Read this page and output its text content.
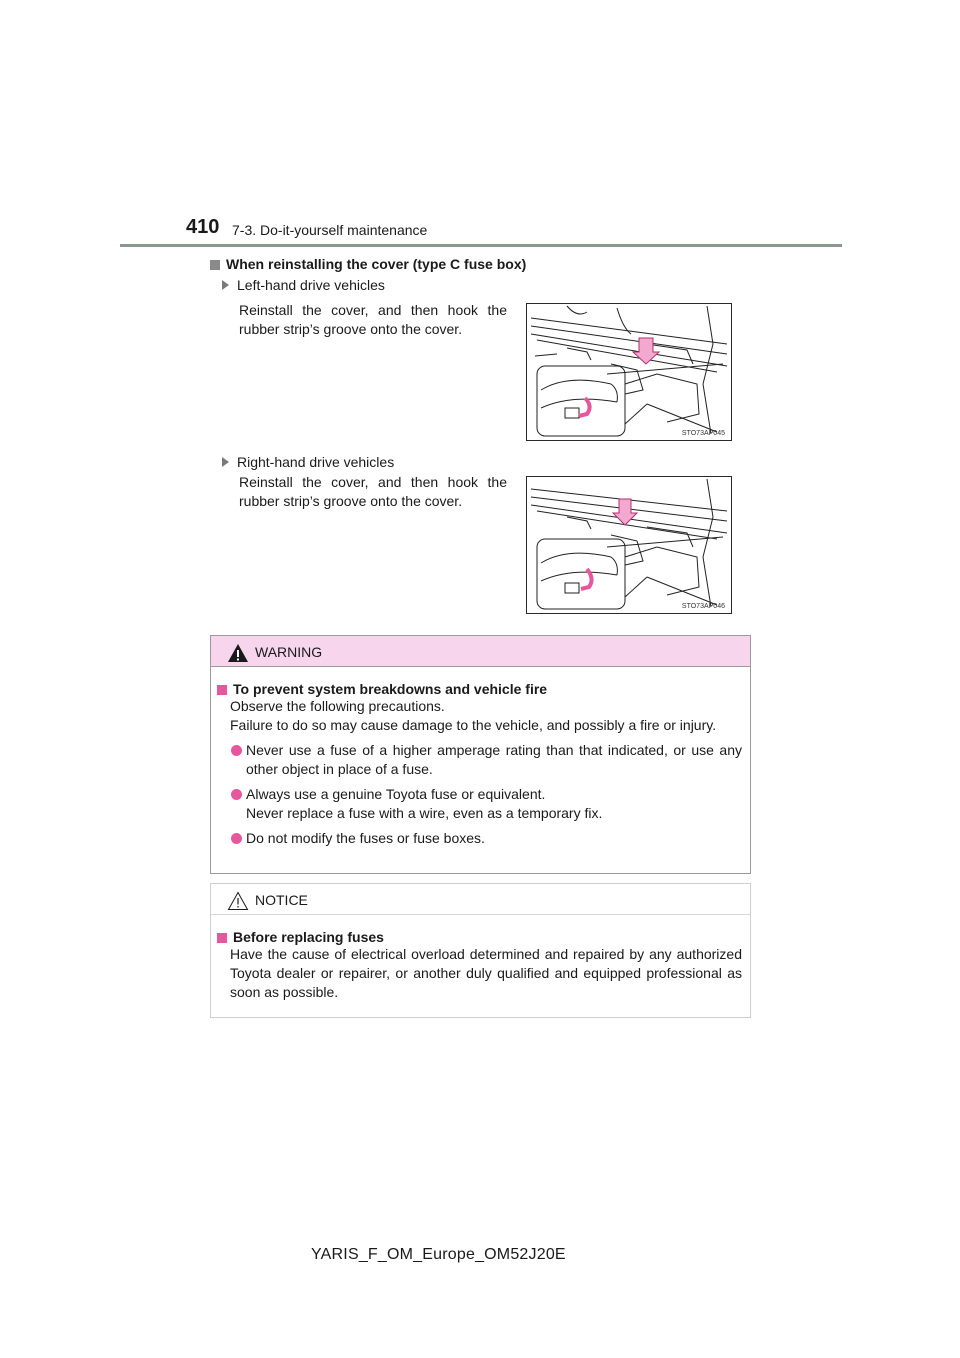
410 7-3. Do-it-yourself maintenance
When reinstalling the cover (type C fuse box)
Left-hand drive vehicles
Reinstall the cover, and then hook the rubber strip’s groove onto the cover.
STO73AP045
Right-hand drive vehicles
Reinstall the cover, and then hook the rubber strip’s groove onto the cover.
STO73AP046
WARNING
To prevent system breakdowns and vehicle fire
Observe the following precautions.
Failure to do so may cause damage to the vehicle, and possibly a fire or injury.
Never use a fuse of a higher amperage rating than that indicated, or use any other object in place of a fuse.
Always use a genuine Toyota fuse or equivalent.
Never replace a fuse with a wire, even as a temporary fix.
Do not modify the fuses or fuse boxes.
NOTICE
Before replacing fuses
Have the cause of electrical overload determined and repaired by any authorized Toyota dealer or repairer, or another duly qualified and equipped professional as soon as possible.
YARIS_F_OM_Europe_OM52J20E
